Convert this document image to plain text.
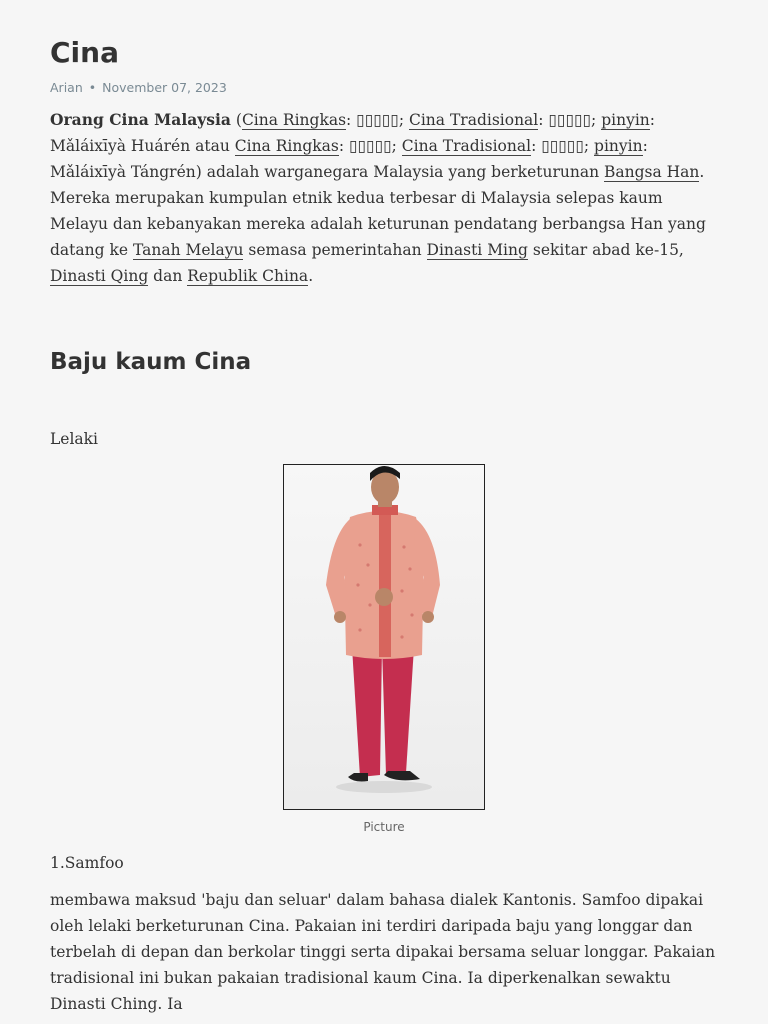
Cina
Arian • November 07, 2023

Orang Cina Malaysia (Cina Ringkas: ▯▯▯▯▯; Cina Tradisional: ▯▯▯▯▯; pinyin: Mǎláixīyà Huárén atau Cina Ringkas: ▯▯▯▯▯; Cina Tradisional: ▯▯▯▯▯; pinyin: Mǎláixīyà Tángrén) adalah warganegara Malaysia yang berketurunan Bangsa Han. Mereka merupakan kumpulan etnik kedua terbesar di Malaysia selepas kaum Melayu dan kebanyakan mereka adalah keturunan pendatang berbangsa Han yang datang ke Tanah Melayu semasa pemerintahan Dinasti Ming sekitar abad ke-15, Dinasti Qing dan Republik China.

Baju kaum Cina

Lelaki

Picture

1.Samfoo

membawa maksud 'baju dan seluar' dalam bahasa dialek Kantonis. Samfoo dipakai oleh lelaki berketurunan Cina. Pakaian ini terdiri daripada baju yang longgar dan terbelah di depan dan berkolar tinggi serta dipakai bersama seluar longgar. Pakaian tradisional ini bukan pakaian tradisional kaum Cina. Ia diperkenalkan sewaktu Dinasti Ching. Ia
